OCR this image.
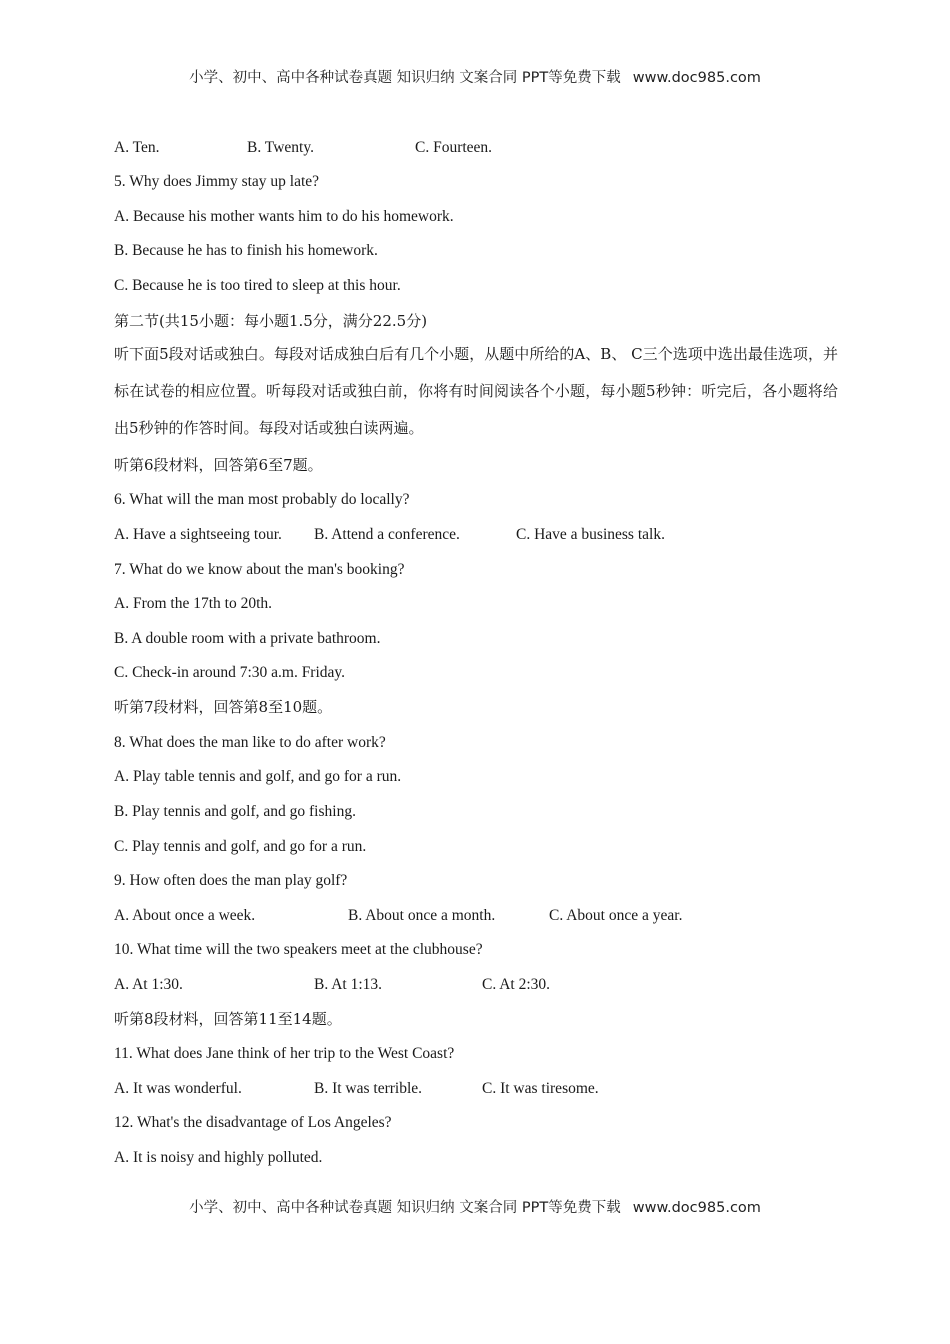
小学、初中、高中各种试卷真题 知识归纳 文案合同 PPT等免费下载 www.doc985.com
A. Ten.	B. Twenty.	C. Fourteen.
5. Why does Jimmy stay up late?
A. Because his mother wants him to do his homework.
B. Because he has to finish his homework.
C. Because he is too tired to sleep at this hour.
第二节(共15小题：每小题1.5分，满分22.5分)
听下面5段对话或独白。每段对话成独白后有几个小题，从题中所给的A、B、 C三个选项中选出最佳选项，并标在试卷的相应位置。听每段对话或独白前，你将有时间阅读各个小题，每小题5秒钟：听完后，各小题将给出5秒钟的作答时间。每段对话或独白读两遍。
听第6段材料，回答第6至7题。
6. What will the man most probably do locally?
A. Have a sightseeing tour. B. Attend a conference.	C. Have a business talk.
7. What do we know about the man's booking?
A. From the 17th to 20th.
B. A double room with a private bathroom.
C. Check-in around 7:30 a.m. Friday.
听第7段材料，回答第8至10题。
8. What does the man like to do after work?
A. Play table tennis and golf, and go for a run.
B. Play tennis and golf, and go fishing.
C. Play tennis and golf, and go for a run.
9. How often does the man play golf?
A. About once a week.	B. About once a month.	C. About once a year.
10. What time will the two speakers meet at the clubhouse?
A. At 1:30.	B. At 1:13.	C. At 2:30.
听第8段材料，回答第11至14题。
11. What does Jane think of her trip to the West Coast?
A. It was wonderful.	B. It was terrible.	C. It was tiresome.
12. What's the disadvantage of Los Angeles?
A. It is noisy and highly polluted.
小学、初中、高中各种试卷真题 知识归纳 文案合同 PPT等免费下载 www.doc985.com
